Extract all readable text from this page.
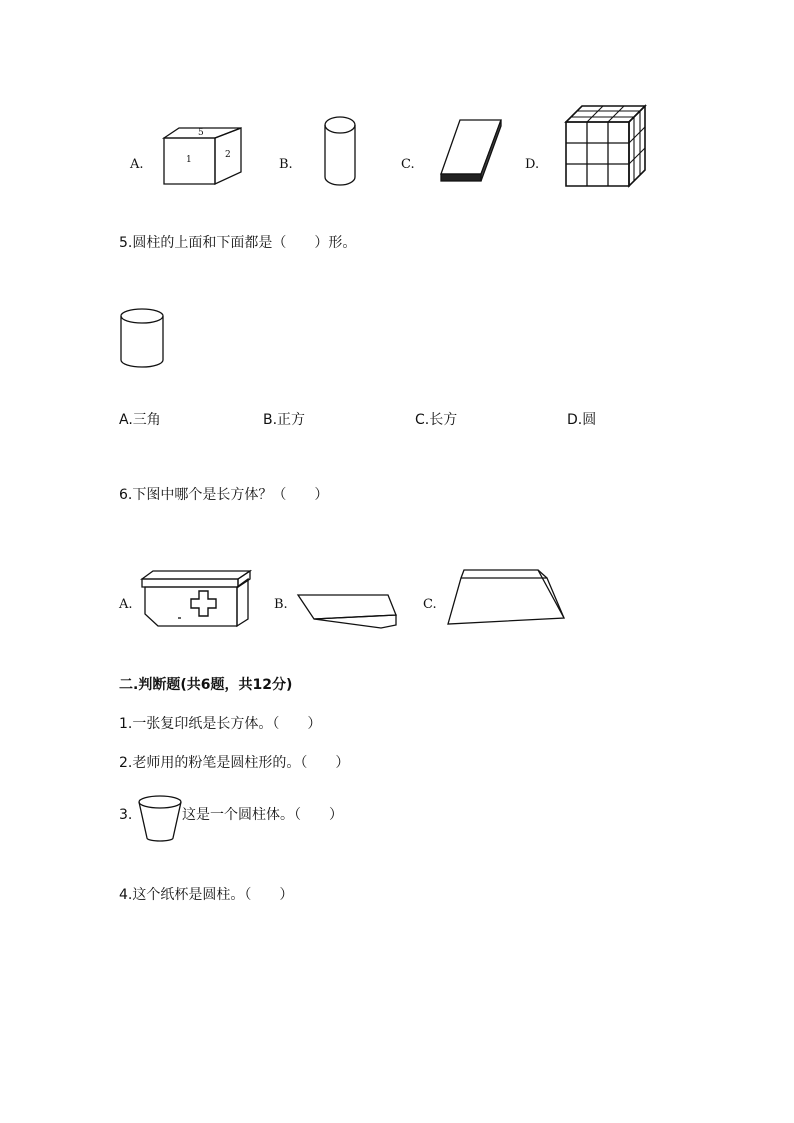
A.
5
1	2
B.	C.	D.
5.圆柱的上面和下面都是（　　）形。
A.三角	B.正方	C.长方	D.圆
6.下图中哪个是长方体？（　　）
A.	B.	C.
二.判断题(共6题，共12分)
1.一张复印纸是长方体。（　　）
2.老师用的粉笔是圆柱形的。（　　）
3.	这是一个圆柱体。（　　）
4.这个纸杯是圆柱。（　　）
